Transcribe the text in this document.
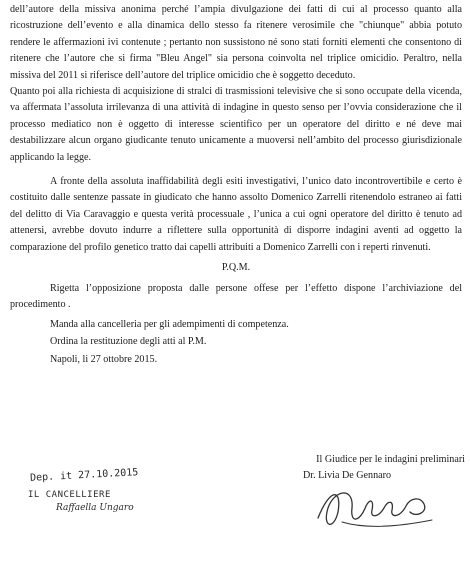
dell’autore della missiva anonima perché l’ampia divulgazione dei fatti di cui al processo quanto alla ricostruzione dell’evento e alla dinamica dello stesso fa ritenere verosimile che "chiunque" abbia potuto rendere le affermazioni ivi contenute ; pertanto non sussistono né sono stati forniti elementi che consentono di ritenere che l’autore che si firma "Bleu Angel" sia persona coinvolta nel triplice omicidio. Peraltro, nella missiva del 2011 si riferisce dell’autore del triplice omicidio che è soggetto deceduto.

Quanto poi alla richiesta di acquisizione di stralci di trasmissioni televisive che si sono occupate della vicenda, va affermata l’assoluta irrilevanza di una attività di indagine in questo senso per l’ovvia considerazione che il processo mediatico non è oggetto di interesse scientifico per un operatore del diritto e né deve mai destabilizzare alcun organo giudicante tenuto unicamente a muoversi nell’ambito del processo giurisdizionale applicando la legge.

A fronte della assoluta inaffidabilità degli esiti investigativi, l’unico dato incontrovertibile e certo è costituito dalle sentenze passate in giudicato che hanno assolto Domenico Zarrelli ritenendolo estraneo ai fatti del delitto di Via Caravaggio e questa verità processuale , l’unica a cui ogni operatore del diritto è tenuto ad attenersi, avrebbe dovuto indurre a riflettere sulla opportunità di disporre indagini aventi ad oggetto la comparazione del profilo genetico tratto dai capelli attribuiti a Domenico Zarrelli con i reperti rinvenuti.

P.Q.M.

Rigetta l’opposizione proposta dalle persone offese per l’effetto dispone l’archiviazione del procedimento .

Manda alla cancelleria per gli adempimenti di competenza.

Ordina la restituzione degli atti al P.M.

Napoli, li 27 ottobre 2015.

Il Giudice per le indagini preliminari

Dr. Livia De Gennaro

Dep. it 27.10.2015
IL CANCELLIERE
Raffaella Ungaro
